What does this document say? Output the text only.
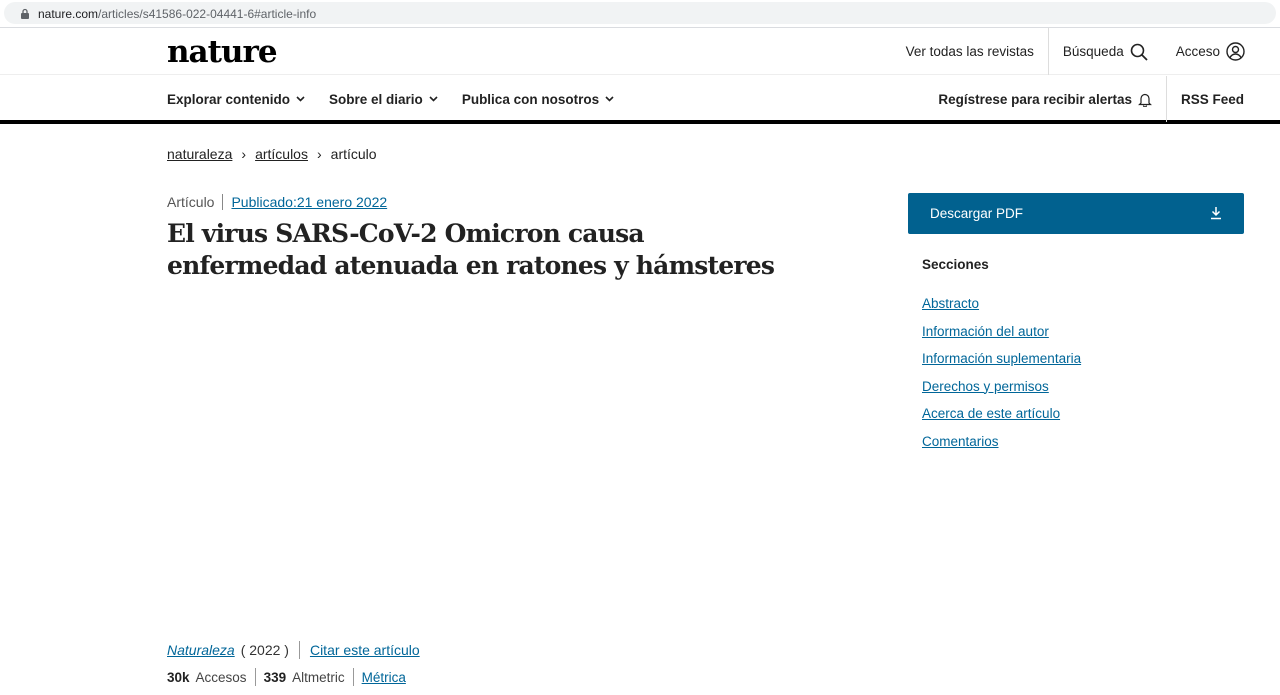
nature.com/articles/s41586-022-04441-6#article-info
nature	Ver todas las revistas Búsqueda	Acceso
Explorar contenido	Sobre el diario	Publica con nosotros	Regístrese para recibir alertas	RSS Feed
naturaleza › artículos › artículo
Artículo Publicado:21 enero 2022
El virus SARS-CoV-2 Omicron causa enfermedad atenuada en ratones y hámsteres
Naturaleza ( 2022 ) Citar este artículo
30k Accesos 339 Altmetric Métrica
Descargar PDF
Secciones
Abstracto
Información del autor
Información suplementaria
Derechos y permisos
Acerca de este artículo
Comentarios
